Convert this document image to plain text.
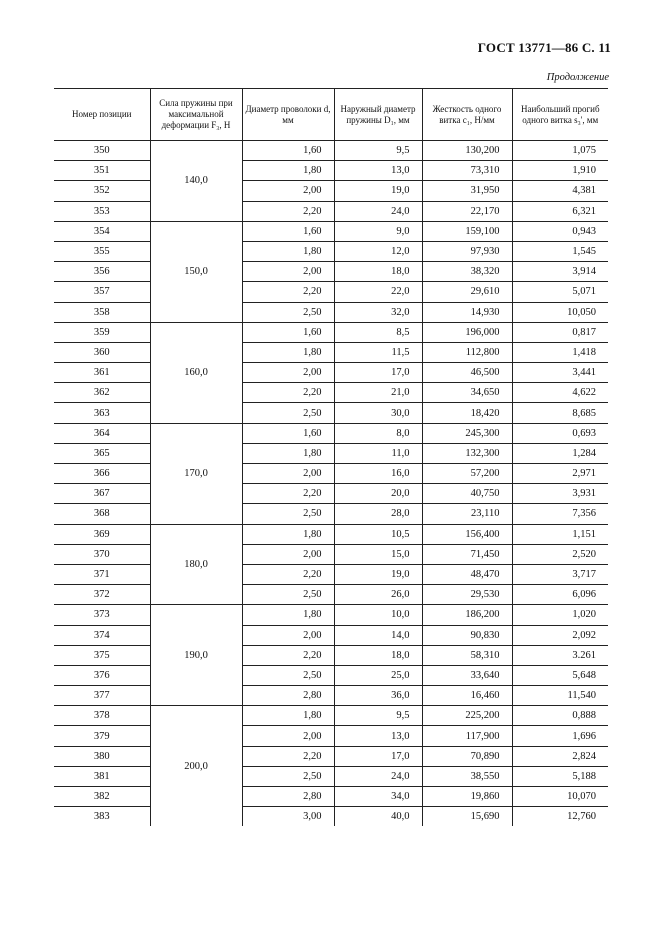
ГОСТ 13771—86 С. 11
Продолжение
Номер позиции	Сила пружины при максимальной деформации F₃, Н	Диаметр проволоки d, мм	Наружный диаметр пружины D₁, мм	Жесткость одного витка c₁, Н/мм	Наибольший прогиб одного витка s₃', мм
350	140,0	1,60	9,5	130,200	1,075
351		1,80	13,0	73,310	1,910
352		2,00	19,0	31,950	4,381
353		2,20	24,0	22,170	6,321
354	150,0	1,60	9,0	159,100	0,943
355		1,80	12,0	97,930	1,545
356		2,00	18,0	38,320	3,914
357		2,20	22,0	29,610	5,071
358		2,50	32,0	14,930	10,050
359	160,0	1,60	8,5	196,000	0,817
360		1,80	11,5	112,800	1,418
361		2,00	17,0	46,500	3,441
362		2,20	21,0	34,650	4,622
363		2,50	30,0	18,420	8,685
364	170,0	1,60	8,0	245,300	0,693
365		1,80	11,0	132,300	1,284
366		2,00	16,0	57,200	2,971
367		2,20	20,0	40,750	3,931
368		2,50	28,0	23,110	7,356
369	180,0	1,80	10,5	156,400	1,151
370		2,00	15,0	71,450	2,520
371		2,20	19,0	48,470	3,717
372		2,50	26,0	29,530	6,096
373	190,0	1,80	10,0	186,200	1,020
374		2,00	14,0	90,830	2,092
375		2,20	18,0	58,310	3.261
376		2,50	25,0	33,640	5,648
377		2,80	36,0	16,460	11,540
378	200,0	1,80	9,5	225,200	0,888
379		2,00	13,0	117,900	1,696
380		2,20	17,0	70,890	2,824
381		2,50	24,0	38,550	5,188
382		2,80	34,0	19,860	10,070
383		3,00	40,0	15,690	12,760
